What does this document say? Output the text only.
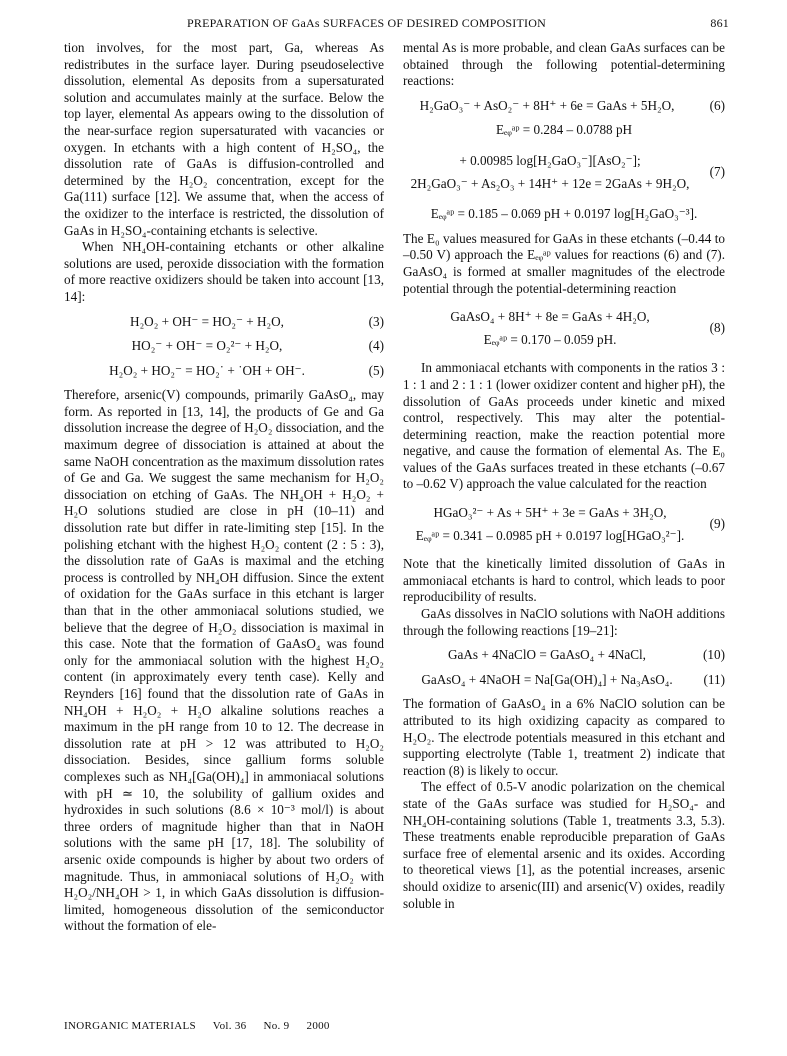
PREPARATION OF GaAs SURFACES OF DESIRED COMPOSITION	861

tion involves, for the most part, Ga, whereas As redistributes in the surface layer. During pseudoselective dissolution, elemental As deposits from a supersaturated solution and accumulates mainly at the surface. Below the top layer, elemental As appears owing to the dissolution of the near-surface region supersaturated with vacancies or oxygen. In etchants with a high content of H₂SO₄, the dissolution rate of GaAs is diffusion-controlled and determined by the H₂O₂ concentration, except for the Ga(111) surface [12]. We assume that, when the access of the oxidizer to the interface is restricted, the dissolution of GaAs in H₂SO₄-containing etchants is selective.

When NH₄OH-containing etchants or other alkaline solutions are used, peroxide dissociation with the formation of more reactive oxidizers should be taken into account [13, 14]:

H₂O₂ + OH⁻ = HO₂⁻ + H₂O,	(3)
HO₂⁻ + OH⁻ = O₂²⁻ + H₂O,	(4)
H₂O₂ + HO₂⁻ = HO₂˙ + ˙OH + OH⁻.	(5)

Therefore, arsenic(V) compounds, primarily GaAsO₄, may form. As reported in [13, 14], the products of Ge and Ga dissolution increase the degree of H₂O₂ dissociation, and the maximum degree of dissociation is attained at about the same NaOH concentration as the maximum dissolution rates of Ge and Ga. We suggest the same mechanism for H₂O₂ dissociation on etching of GaAs. The NH₄OH + H₂O₂ + H₂O solutions studied are close in pH (10–11) and dissolution rate but differ in rate-limiting step [15]. In the polishing etchant with the highest H₂O₂ content (2 : 5 : 3), the dissolution rate of GaAs is maximal and the etching process is controlled by NH₄OH diffusion. Since the extent of oxidation for the GaAs surface in this etchant is larger than that in the other ammoniacal solutions studied, we believe that the degree of H₂O₂ dissociation is maximal in this case. Note that the formation of GaAsO₄ was found only for the ammoniacal solution with the highest H₂O₂ content (in approximately every tenth case). Kelly and Reynders [16] found that the dissolution rate of GaAs in NH₄OH + H₂O₂ + H₂O alkaline solutions reaches a maximum in the pH range from 10 to 12. The decrease in dissolution rate at pH > 12 was attributed to H₂O₂ dissociation. Besides, since gallium forms soluble complexes such as NH₄[Ga(OH)₄] in ammoniacal solutions with pH ≃ 10, the solubility of gallium oxides and hydroxides in such solutions (8.6 × 10⁻³ mol/l) is about three orders of magnitude higher than that in NaOH solutions with the same pH [17, 18]. The solubility of arsenic oxide compounds is higher by about two orders of magnitude. Thus, in ammoniacal solutions of H₂O₂ with H₂O₂/NH₄OH > 1, in which GaAs dissolution is diffusion-limited, homogeneous dissolution of the semiconductor without the formation of ele-

mental As is more probable, and clean GaAs surfaces can be obtained through the following potential-determining reactions:

H₂GaO₃⁻ + AsO₂⁻ + 8H⁺ + 6e = GaAs + 5H₂O,	(6)
Eₑᵩᵃᵖ = 0.284 – 0.0788 pH
+ 0.00985 log[H₂GaO₃⁻][AsO₂⁻];
2H₂GaO₃⁻ + As₂O₃ + 14H⁺ + 12e = 2GaAs + 9H₂O,
(7)
Eₑᵩᵃᵖ = 0.185 – 0.069 pH + 0.0197 log[H₂GaO₃⁻³].

The E₀ values measured for GaAs in these etchants (–0.44 to –0.50 V) approach the Eₑᵩᵃᵖ values for reactions (6) and (7). GaAsO₄ is formed at smaller magnitudes of the electrode potential through the potential-determining reaction

GaAsO₄ + 8H⁺ + 8e = GaAs + 4H₂O,
Eₑᵩᵃᵖ = 0.170 – 0.059 pH.
(8)

In ammoniacal etchants with components in the ratios 3 : 1 : 1 and 2 : 1 : 1 (lower oxidizer content and higher pH), the dissolution of GaAs proceeds under kinetic and mixed control, respectively. This may alter the potential-determining reaction, make the reaction potential more negative, and cause the formation of elemental As. The E₀ values of the GaAs surfaces treated in these etchants (–0.67 to –0.62 V) approach the value calculated for the reaction

HGaO₃²⁻ + As + 5H⁺ + 3e = GaAs + 3H₂O,
Eₑᵩᵃᵖ = 0.341 – 0.0985 pH + 0.0197 log[HGaO₃²⁻].
(9)

Note that the kinetically limited dissolution of GaAs in ammoniacal etchants is hard to control, which leads to poor reproducibility of results.

GaAs dissolves in NaClO solutions with NaOH additions through the following reactions [19–21]:

GaAs + 4NaClO = GaAsO₄ + 4NaCl,	(10)
GaAsO₄ + 4NaOH = Na[Ga(OH)₄] + Na₃AsO₄.	(11)

The formation of GaAsO₄ in a 6% NaClO solution can be attributed to its high oxidizing capacity as compared to H₂O₂. The electrode potentials measured in this etchant and supporting electrolyte (Table 1, treatment 2) indicate that reaction (8) is likely to occur.

The effect of 0.5-V anodic polarization on the chemical state of the GaAs surface was studied for H₂SO₄- and NH₄OH-containing solutions (Table 1, treatments 3.3, 5.3). These treatments enable reproducible preparation of GaAs surface free of elemental arsenic and its oxides. According to theoretical views [1], as the potential increases, arsenic should oxidize to arsenic(III) and arsenic(V) oxides, readily soluble in

INORGANIC MATERIALS Vol. 36 No. 9 2000
